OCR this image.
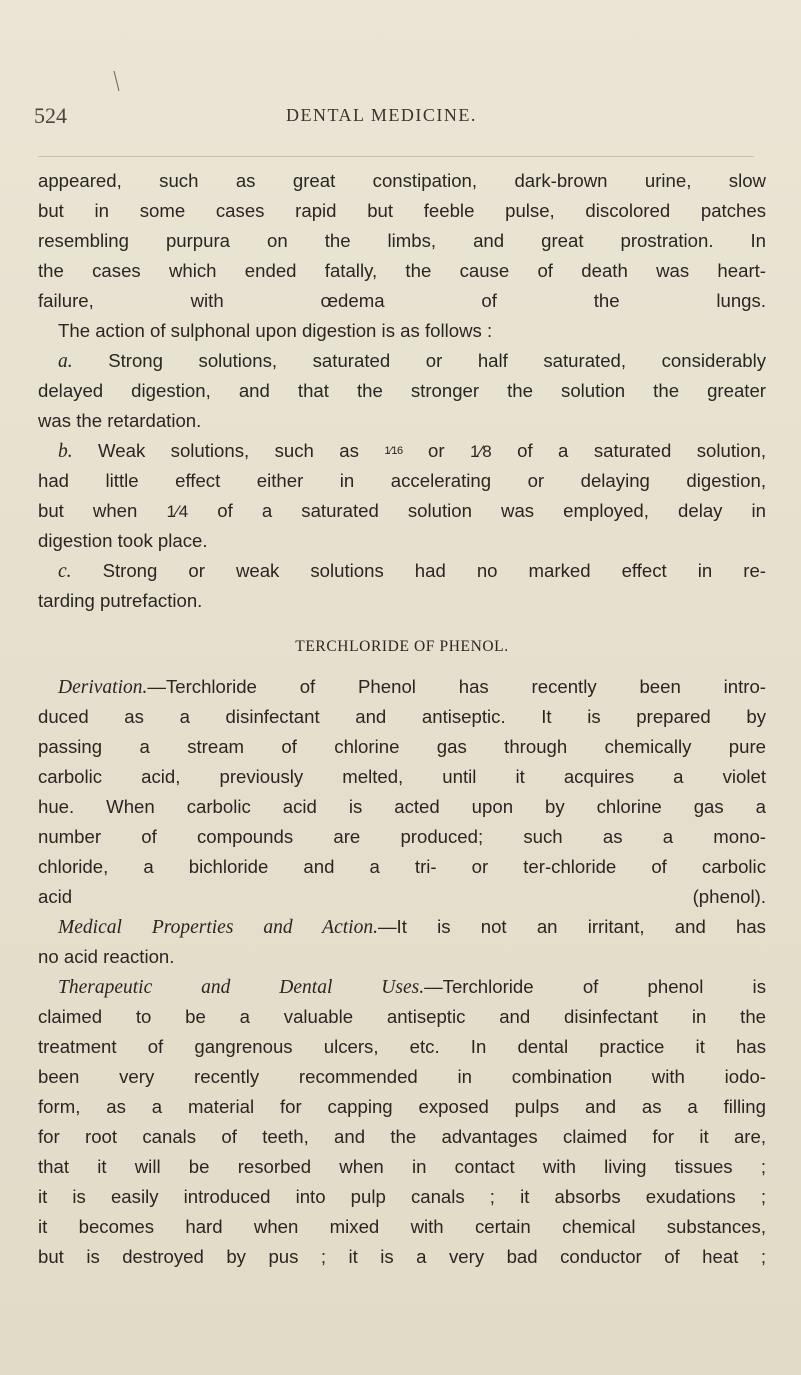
524	DENTAL MEDICINE.
appeared, such as great constipation, dark-brown urine, slow
but in some cases rapid but feeble pulse, discolored patches
resembling purpura on the limbs, and great prostration. In
the cases which ended fatally, the cause of death was heart-
failure, with œdema of the lungs.
The action of sulphonal upon digestion is as follows :
a. Strong solutions, saturated or half saturated, considerably
delayed digestion, and that the stronger the solution the greater
was the retardation.
b. Weak solutions, such as 1⁄16 or 1⁄8 of a saturated solution,
had little effect either in accelerating or delaying digestion,
but when 1⁄4 of a saturated solution was employed, delay in
digestion took place.
c. Strong or weak solutions had no marked effect in re-
tarding putrefaction.
TERCHLORIDE OF PHENOL.
Derivation.—Terchloride of Phenol has recently been intro-
duced as a disinfectant and antiseptic. It is prepared by
passing a stream of chlorine gas through chemically pure
carbolic acid, previously melted, until it acquires a violet
hue. When carbolic acid is acted upon by chlorine gas a
number of compounds are produced; such as a mono-
chloride, a bichloride and a tri- or ter-chloride of carbolic
acid (phenol).
Medical Properties and Action.—It is not an irritant, and has
no acid reaction.
Therapeutic and Dental Uses.—Terchloride of phenol is
claimed to be a valuable antiseptic and disinfectant in the
treatment of gangrenous ulcers, etc. In dental practice it has
been very recently recommended in combination with iodo-
form, as a material for capping exposed pulps and as a filling
for root canals of teeth, and the advantages claimed for it are,
that it will be resorbed when in contact with living tissues ;
it is easily introduced into pulp canals ; it absorbs exudations ;
it becomes hard when mixed with certain chemical substances,
but is destroyed by pus ; it is a very bad conductor of heat ;
